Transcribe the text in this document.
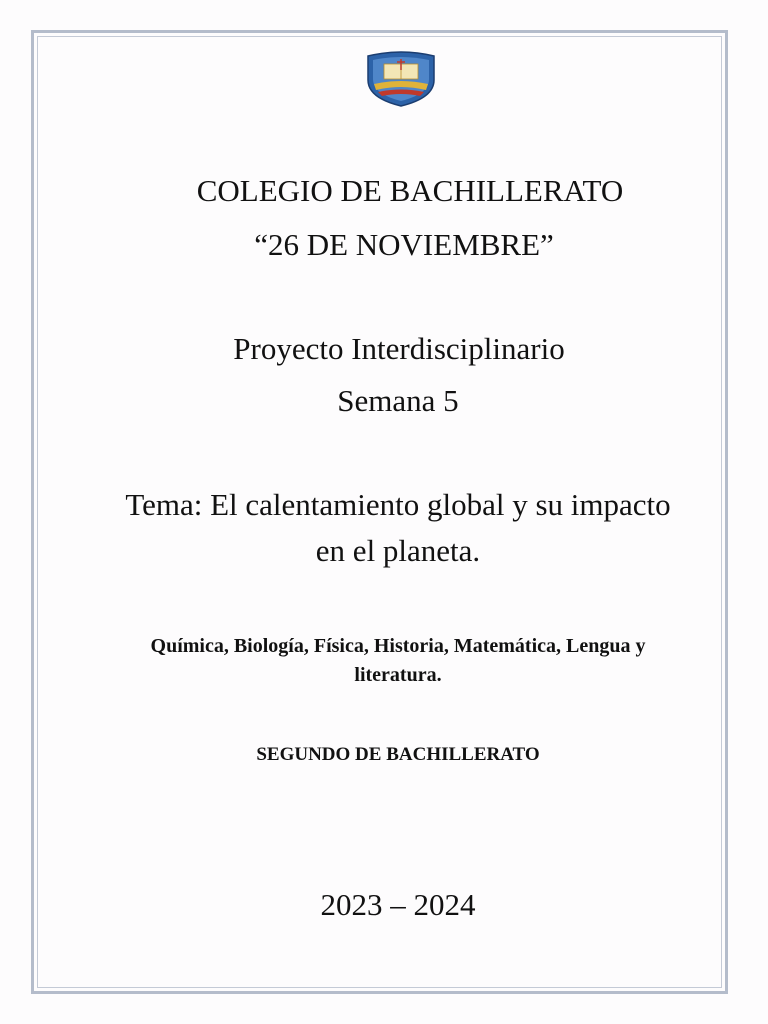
COLEGIO DE BACHILLERATO
“26 DE NOVIEMBRE”
Proyecto Interdisciplinario
Semana 5
Tema: El calentamiento global y su impacto
en el planeta.
Química, Biología, Física, Historia, Matemática, Lengua y
literatura.
SEGUNDO DE BACHILLERATO
2023 – 2024
